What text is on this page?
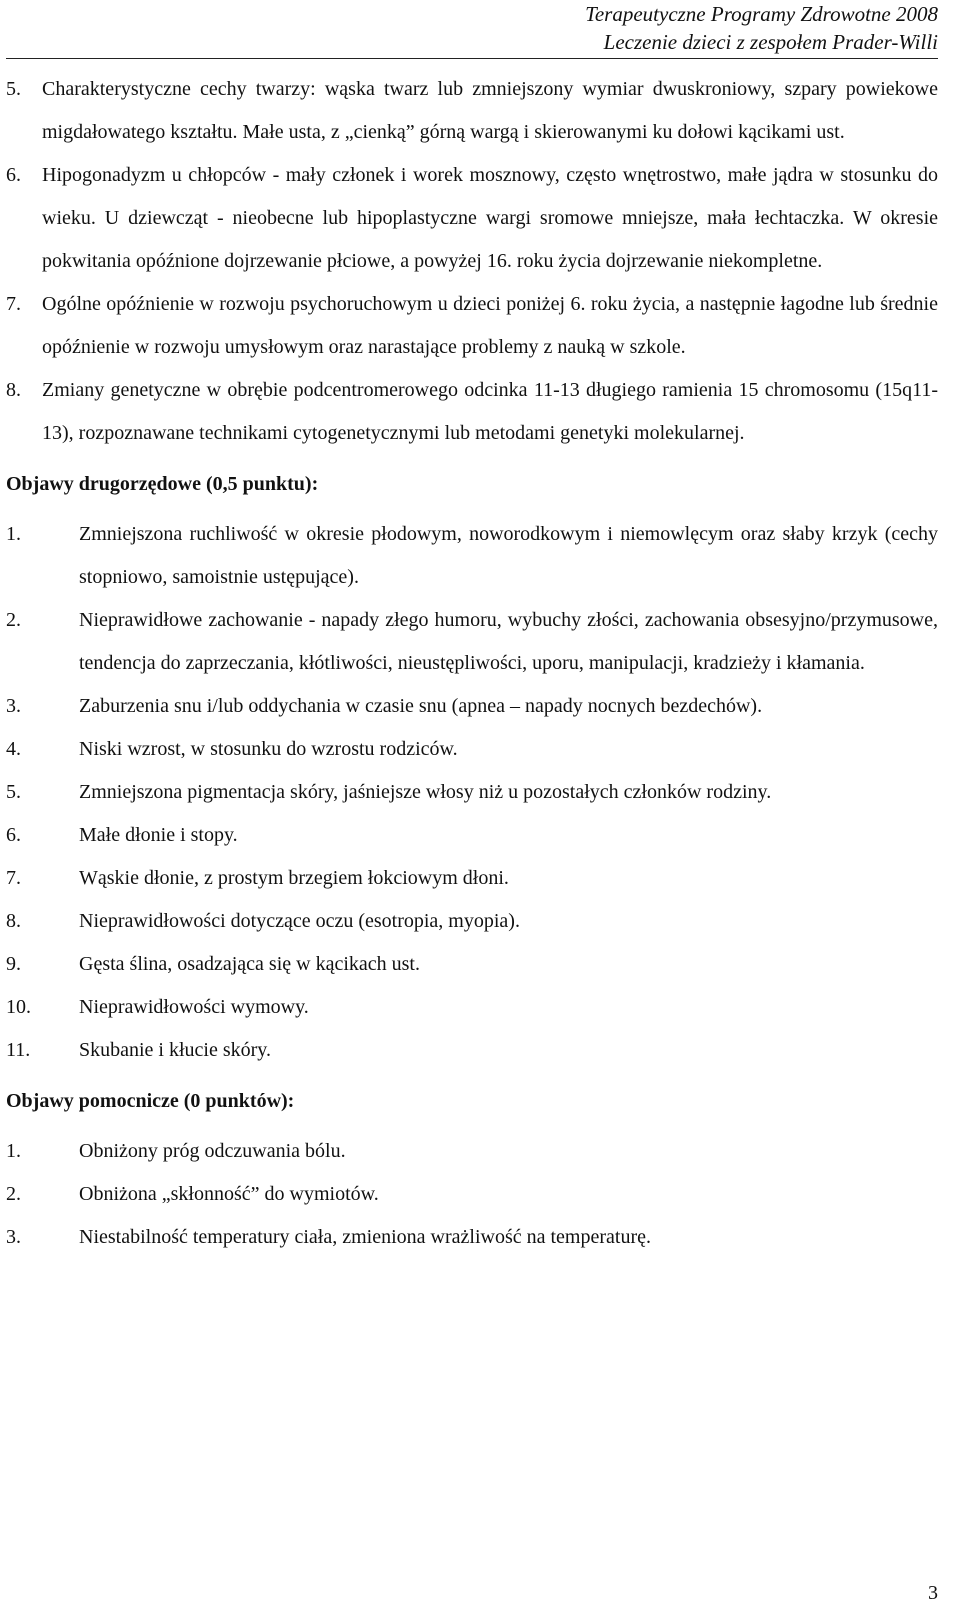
Terapeutyczne Programy Zdrowotne 2008
Leczenie dzieci z zespołem Prader-Willi
5. Charakterystyczne cechy twarzy: wąska twarz lub zmniejszony wymiar dwuskroniowy, szpary powiekowe migdałowatego kształtu. Małe usta, z „cienką” górną wargą i skierowanymi ku dołowi kącikami ust.
6. Hipogonadyzm u chłopców - mały członek i worek mosznowy, często wnętrostwo, małe jądra w stosunku do wieku. U dziewcząt - nieobecne lub hipoplastyczne wargi sromowe mniejsze, mała łechtaczka. W okresie pokwitania opóźnione dojrzewanie płciowe, a powyżej 16. roku życia dojrzewanie niekompletne.
7. Ogólne opóźnienie w rozwoju psychoruchowym u dzieci poniżej 6. roku życia, a następnie łagodne lub średnie opóźnienie w rozwoju umysłowym oraz narastające problemy z nauką w szkole.
8. Zmiany genetyczne w obrębie podcentromerowego odcinka 11-13 długiego ramienia 15 chromosomu (15q11-13), rozpoznawane technikami cytogenetycznymi lub metodami genetyki molekularnej.
Objawy drugorzędowe (0,5 punktu):
1.	Zmniejszona ruchliwość w okresie płodowym, noworodkowym i niemowlęcym oraz słaby krzyk (cechy stopniowo, samoistnie ustępujące).
2.	Nieprawidłowe zachowanie - napady złego humoru, wybuchy złości, zachowania obsesyjno/przymusowe, tendencja do zaprzeczania, kłótliwości, nieustępliwości, uporu, manipulacji, kradzieży i kłamania.
3.	Zaburzenia snu i/lub oddychania w czasie snu (apnea – napady nocnych bezdechów).
4.	Niski wzrost, w stosunku do wzrostu rodziców.
5.	Zmniejszona pigmentacja skóry, jaśniejsze włosy niż u pozostałych członków rodziny.
6.	Małe dłonie i stopy.
7.	Wąskie dłonie, z prostym brzegiem łokciowym dłoni.
8.	Nieprawidłowości dotyczące oczu (esotropia, myopia).
9.	Gęsta ślina, osadzająca się w kącikach ust.
10. Nieprawidłowości wymowy.
11. Skubanie i kłucie skóry.
Objawy pomocnicze (0 punktów):
1.	Obniżony próg odczuwania bólu.
2.	Obniżona „skłonność” do wymiotów.
3.	Niestabilność temperatury ciała, zmieniona wrażliwość na temperaturę.
3
